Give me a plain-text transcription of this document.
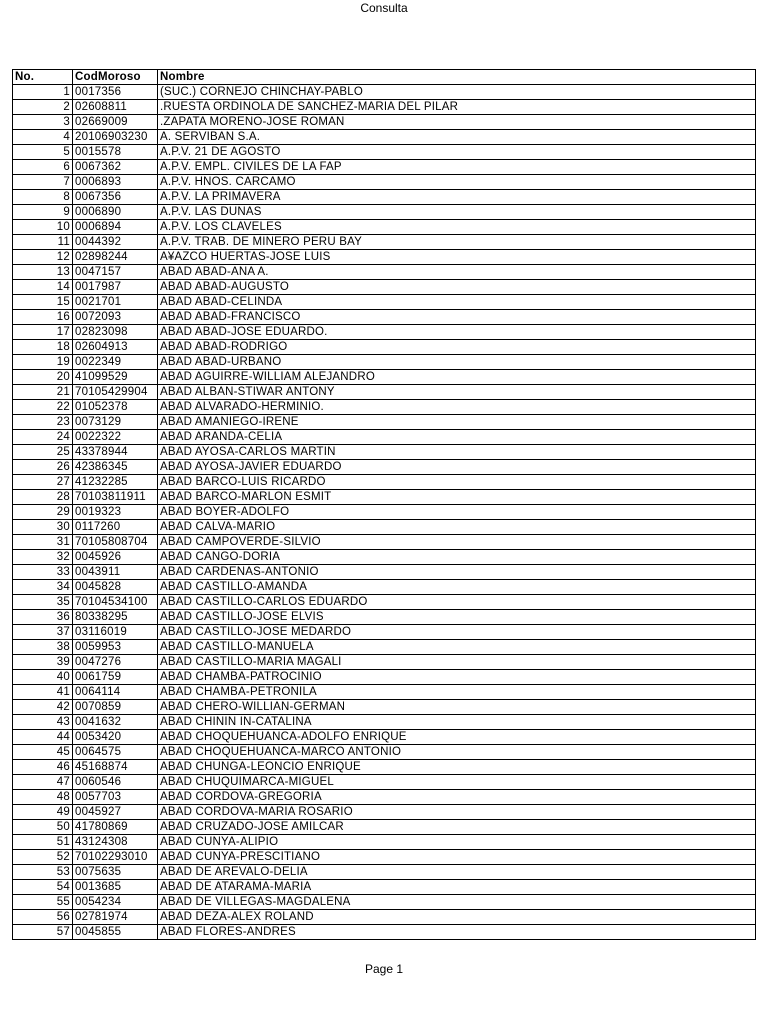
Consulta
No.	CodMoroso	Nombre
1	0017356	(SUC.) CORNEJO CHINCHAY-PABLO
2	02608811	.RUESTA ORDINOLA DE SANCHEZ-MARIA DEL PILAR
3	02669009	.ZAPATA MORENO-JOSE ROMAN
4	20106903230	A. SERVIBAN S.A.
5	0015578	A.P.V. 21 DE AGOSTO
6	0067362	A.P.V. EMPL. CIVILES DE LA FAP
7	0006893	A.P.V. HNOS. CARCAMO
8	0067356	A.P.V. LA PRIMAVERA
9	0006890	A.P.V. LAS DUNAS
10	0006894	A.P.V. LOS CLAVELES
11	0044392	A.P.V. TRAB. DE MINERO PERU BAY
12	02898244	A¥AZCO HUERTAS-JOSE LUIS
13	0047157	ABAD ABAD-ANA A.
14	0017987	ABAD ABAD-AUGUSTO
15	0021701	ABAD ABAD-CELINDA
16	0072093	ABAD ABAD-FRANCISCO
17	02823098	ABAD ABAD-JOSE EDUARDO.
18	02604913	ABAD ABAD-RODRIGO
19	0022349	ABAD ABAD-URBANO
20	41099529	ABAD AGUIRRE-WILLIAM ALEJANDRO
21	70105429904	ABAD ALBAN-STIWAR ANTONY
22	01052378	ABAD ALVARADO-HERMINIO.
23	0073129	ABAD AMANIEGO-IRENE
24	0022322	ABAD ARANDA-CELIA
25	43378944	ABAD AYOSA-CARLOS MARTIN
26	42386345	ABAD AYOSA-JAVIER EDUARDO
27	41232285	ABAD BARCO-LUIS RICARDO
28	70103811911	ABAD BARCO-MARLON ESMIT
29	0019323	ABAD BOYER-ADOLFO
30	0117260	ABAD CALVA-MARIO
31	70105808704	ABAD CAMPOVERDE-SILVIO
32	0045926	ABAD CANGO-DORIA
33	0043911	ABAD CARDENAS-ANTONIO
34	0045828	ABAD CASTILLO-AMANDA
35	70104534100	ABAD CASTILLO-CARLOS EDUARDO
36	80338295	ABAD CASTILLO-JOSE ELVIS
37	03116019	ABAD CASTILLO-JOSE MEDARDO
38	0059953	ABAD CASTILLO-MANUELA
39	0047276	ABAD CASTILLO-MARIA MAGALI
40	0061759	ABAD CHAMBA-PATROCINIO
41	0064114	ABAD CHAMBA-PETRONILA
42	0070859	ABAD CHERO-WILLIAN-GERMAN
43	0041632	ABAD CHININ IN-CATALINA
44	0053420	ABAD CHOQUEHUANCA-ADOLFO ENRIQUE
45	0064575	ABAD CHOQUEHUANCA-MARCO ANTONIO
46	45168874	ABAD CHUNGA-LEONCIO ENRIQUE
47	0060546	ABAD CHUQUIMARCA-MIGUEL
48	0057703	ABAD CORDOVA-GREGORIA
49	0045927	ABAD CORDOVA-MARIA ROSARIO
50	41780869	ABAD CRUZADO-JOSE AMILCAR
51	43124308	ABAD CUNYA-ALIPIO
52	70102293010	ABAD CUNYA-PRESCITIANO
53	0075635	ABAD DE AREVALO-DELIA
54	0013685	ABAD DE ATARAMA-MARIA
55	0054234	ABAD DE VILLEGAS-MAGDALENA
56	02781974	ABAD DEZA-ALEX ROLAND
57	0045855	ABAD FLORES-ANDRES
Page 1
